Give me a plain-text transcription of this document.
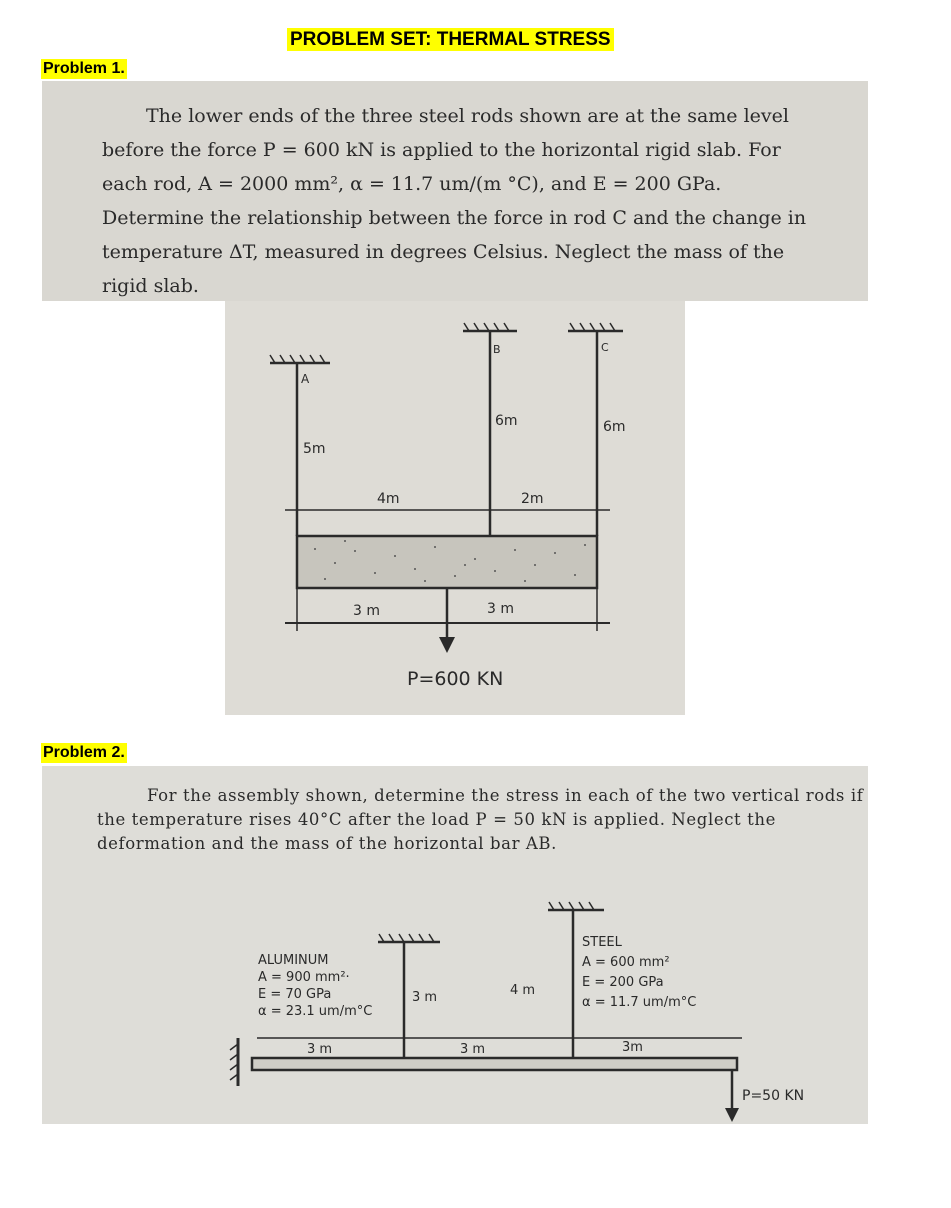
PROBLEM SET: THERMAL STRESS
Problem 1.

The lower ends of the three steel rods shown are at the same level before the force P = 600 kN is applied to the horizontal rigid slab. For each rod, A = 2000 mm², α = 11.7 um/(m °C), and E = 200 GPa. Determine the relationship between the force in rod C and the change in temperature ΔT, measured in degrees Celsius. Neglect the mass of the rigid slab.

A
B	C
5m
6m	6m
4m	2m
3 m	3 m
P=600 KN
Problem 2.

For the assembly shown, determine the stress in each of the two vertical rods if the temperature rises 40°C after the load P = 50 kN is applied. Neglect the deformation and the mass of the horizontal bar AB.

ALUMINUM
A = 900 mm²·
E = 70 GPa
α = 23.1 um/m°C
STEEL
A = 600 mm²
E = 200 GPa
α = 11.7 um/m°C
3 m	4 m
3 m	3 m	3m
P=50 KN
